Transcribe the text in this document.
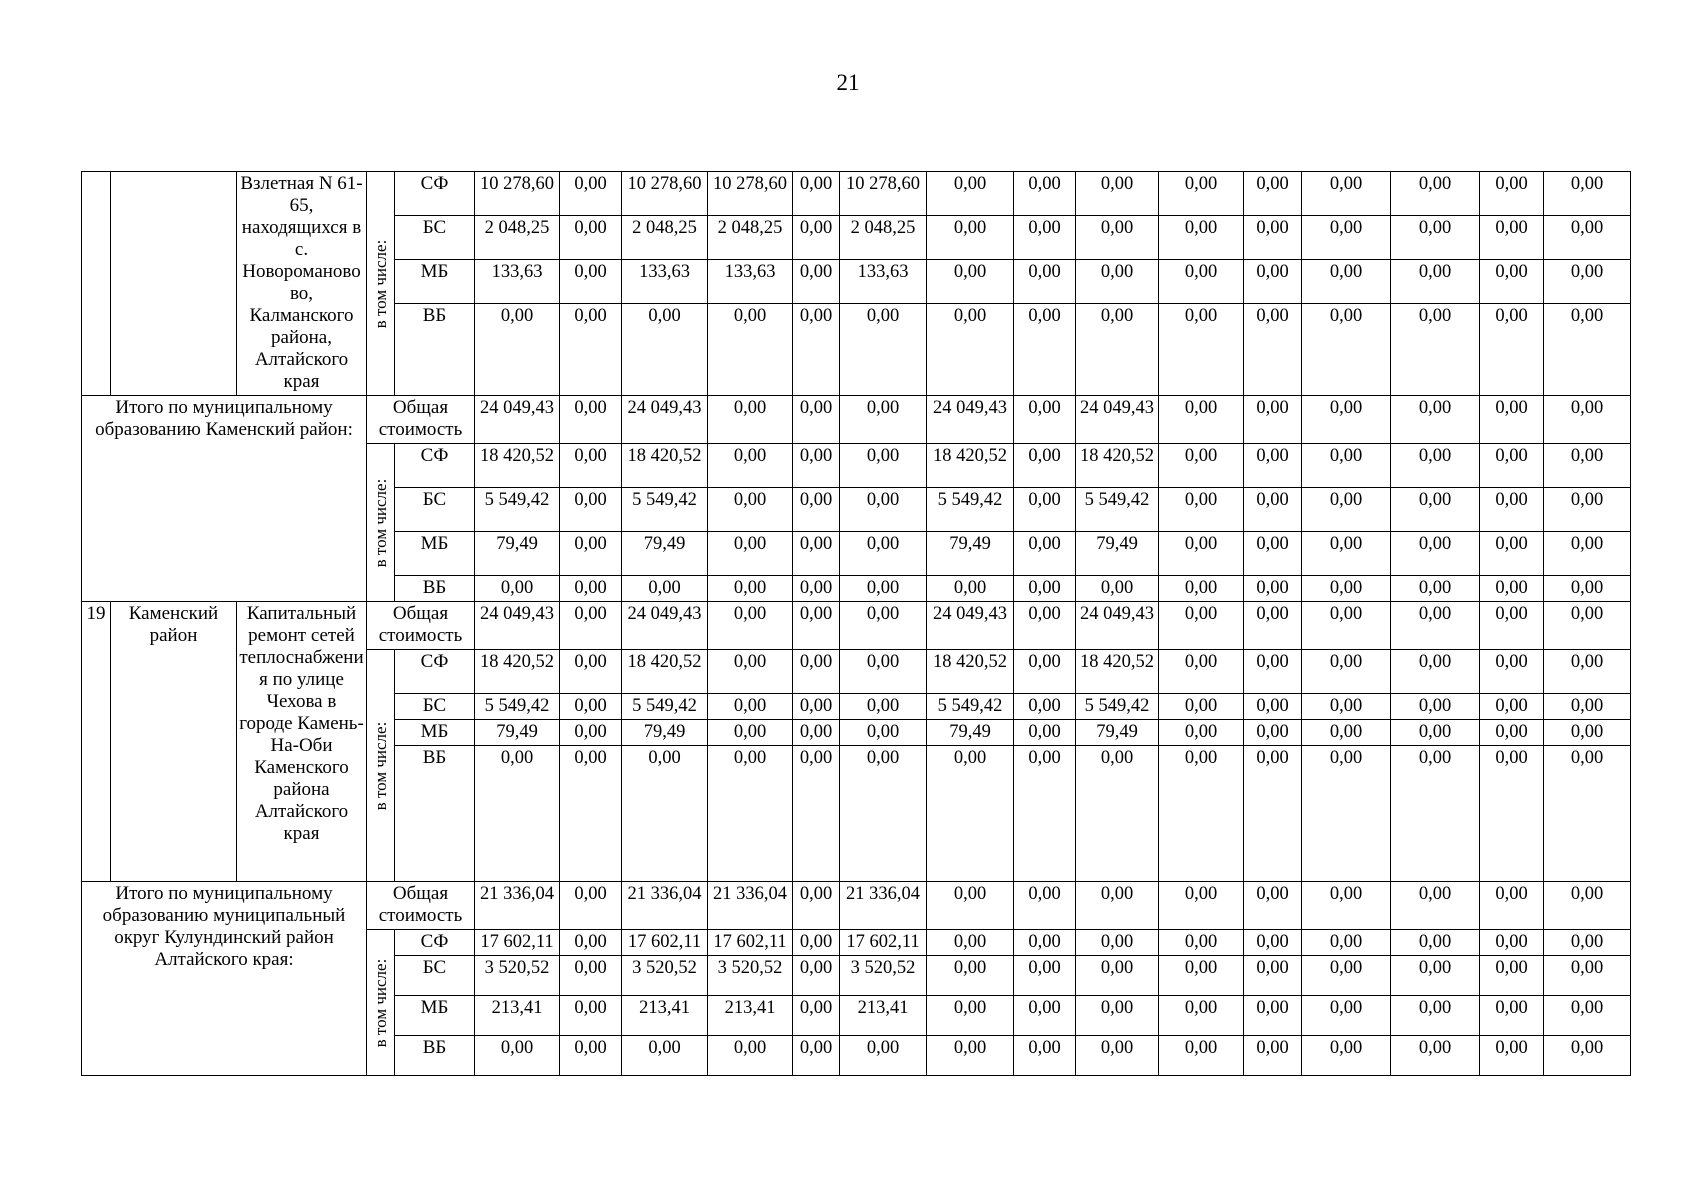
21
		Взлетная N 61-65, находящихся в с. Новоромановово, Калманского района, Алтайского края	в том числе:	СФ	10 278,60	0,00	10 278,60	10 278,60	0,00	10 278,60	0,00	0,00	0,00	0,00	0,00	0,00	0,00	0,00	0,00
				БС	2 048,25	0,00	2 048,25	2 048,25	0,00	2 048,25	0,00	0,00	0,00	0,00	0,00	0,00	0,00	0,00	0,00
				МБ	133,63	0,00	133,63	133,63	0,00	133,63	0,00	0,00	0,00	0,00	0,00	0,00	0,00	0,00	0,00
				ВБ	0,00	0,00	0,00	0,00	0,00	0,00	0,00	0,00	0,00	0,00	0,00	0,00	0,00	0,00	0,00
Итого по муниципальному образованию Каменский район:			Общая стоимость		24 049,43	0,00	24 049,43	0,00	0,00	0,00	24 049,43	0,00	24 049,43	0,00	0,00	0,00	0,00	0,00	0,00

			в том числе:	СФ	18 420,52	0,00	18 420,52	0,00	0,00	0,00	18 420,52	0,00	18 420,52	0,00	0,00	0,00	0,00	0,00	0,00
				БС	5 549,42	0,00	5 549,42	0,00	0,00	0,00	5 549,42	0,00	5 549,42	0,00	0,00	0,00	0,00	0,00	0,00
				МБ	79,49	0,00	79,49	0,00	0,00	0,00	79,49	0,00	79,49	0,00	0,00	0,00	0,00	0,00	0,00
				ВБ	0,00	0,00	0,00	0,00	0,00	0,00	0,00	0,00	0,00	0,00	0,00	0,00	0,00	0,00	0,00
19	Каменский район	Капитальный ремонт сетей теплоснабжения по улице Чехова в городе Камень-На-Оби Каменского района Алтайского края	Общая стоимость		24 049,43	0,00	24 049,43	0,00	0,00	0,00	24 049,43	0,00	24 049,43	0,00	0,00	0,00	0,00	0,00	0,00

			в том числе:	СФ	18 420,52	0,00	18 420,52	0,00	0,00	0,00	18 420,52	0,00	18 420,52	0,00	0,00	0,00	0,00	0,00	0,00
				БС	5 549,42	0,00	5 549,42	0,00	0,00	0,00	5 549,42	0,00	5 549,42	0,00	0,00	0,00	0,00	0,00	0,00
				МБ	79,49	0,00	79,49	0,00	0,00	0,00	79,49	0,00	79,49	0,00	0,00	0,00	0,00	0,00	0,00
				ВБ	0,00	0,00	0,00	0,00	0,00	0,00	0,00	0,00	0,00	0,00	0,00	0,00	0,00	0,00	0,00
Итого по муниципальному образованию муниципальный округ Кулундинский район Алтайского края:			Общая стоимость		21 336,04	0,00	21 336,04	21 336,04	0,00	21 336,04	0,00	0,00	0,00	0,00	0,00	0,00	0,00	0,00	0,00

			в том числе:	СФ	17 602,11	0,00	17 602,11	17 602,11	0,00	17 602,11	0,00	0,00	0,00	0,00	0,00	0,00	0,00	0,00	0,00
				БС	3 520,52	0,00	3 520,52	3 520,52	0,00	3 520,52	0,00	0,00	0,00	0,00	0,00	0,00	0,00	0,00	0,00
				МБ	213,41	0,00	213,41	213,41	0,00	213,41	0,00	0,00	0,00	0,00	0,00	0,00	0,00	0,00	0,00
				ВБ	0,00	0,00	0,00	0,00	0,00	0,00	0,00	0,00	0,00	0,00	0,00	0,00	0,00	0,00	0,00
